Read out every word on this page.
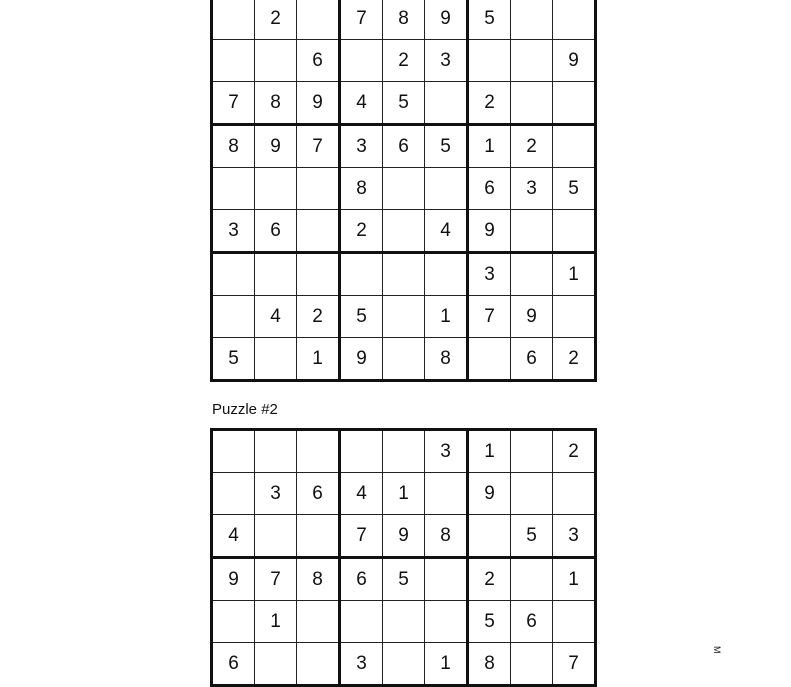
	2		7	8	9	5		
		6		2	3			9
7	8	9	4	5		2		
8	9	7	3	6	5	1	2	
			8			6	3	5
3	6		2		4	9		
						3		1
	4	2	5		1	7	9	
5		1	9		8		6	2
Puzzle #2
					3	1		2
	3	6	4	1		9		
4			7	9	8		5	3
9	7	8	6	5		2		1
	1					5	6	
6			3		1	8		7
M
